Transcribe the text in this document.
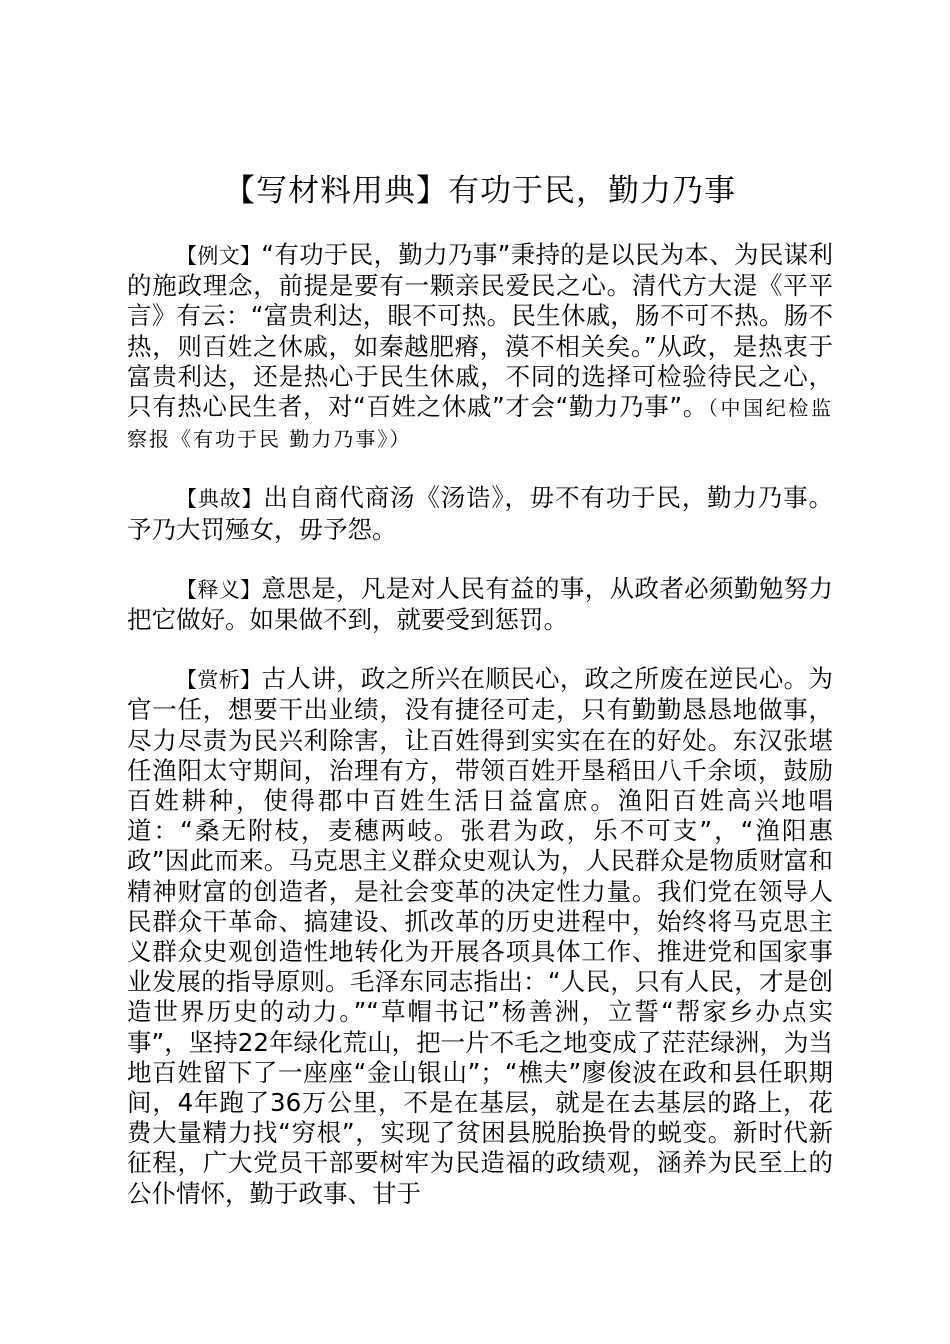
【写材料用典】有功于民，勤力乃事

【例文】“有功于民，勤力乃事”秉持的是以民为本、为民谋利的施政理念，前提是要有一颗亲民爱民之心。清代方大湜《平平言》有云：“富贵利达，眼不可热。民生休戚，肠不可不热。肠不热，则百姓之休戚，如秦越肥瘠，漠不相关矣。”从政，是热衷于富贵利达，还是热心于民生休戚，不同的选择可检验待民之心，只有热心民生者，对“百姓之休戚”才会“勤力乃事”。（中国纪检监察报《有功于民 勤力乃事》）

【典故】出自商代商汤《汤诰》，毋不有功于民，勤力乃事。予乃大罚殛女，毋予怨。

【释义】意思是，凡是对人民有益的事，从政者必须勤勉努力把它做好。如果做不到，就要受到惩罚。

【赏析】古人讲，政之所兴在顺民心，政之所废在逆民心。为官一任，想要干出业绩，没有捷径可走，只有勤勤恳恳地做事，尽力尽责为民兴利除害，让百姓得到实实在在的好处。东汉张堪任渔阳太守期间，治理有方，带领百姓开垦稻田八千余顷，鼓励百姓耕种，使得郡中百姓生活日益富庶。渔阳百姓高兴地唱道：“桑无附枝，麦穗两岐。张君为政，乐不可支”，“渔阳惠政”因此而来。马克思主义群众史观认为，人民群众是物质财富和精神财富的创造者，是社会变革的决定性力量。我们党在领导人民群众干革命、搞建设、抓改革的历史进程中，始终将马克思主义群众史观创造性地转化为开展各项具体工作、推进党和国家事业发展的指导原则。毛泽东同志指出：“人民，只有人民，才是创造世界历史的动力。”“草帽书记”杨善洲，立誓“帮家乡办点实事”，坚持22年绿化荒山，把一片不毛之地变成了茫茫绿洲，为当地百姓留下了一座座“金山银山”；“樵夫”廖俊波在政和县任职期间，4年跑了36万公里，不是在基层，就是在去基层的路上，花费大量精力找“穷根”，实现了贫困县脱胎换骨的蜕变。新时代新征程，广大党员干部要树牢为民造福的政绩观，涵养为民至上的公仆情怀，勤于政事、甘于
